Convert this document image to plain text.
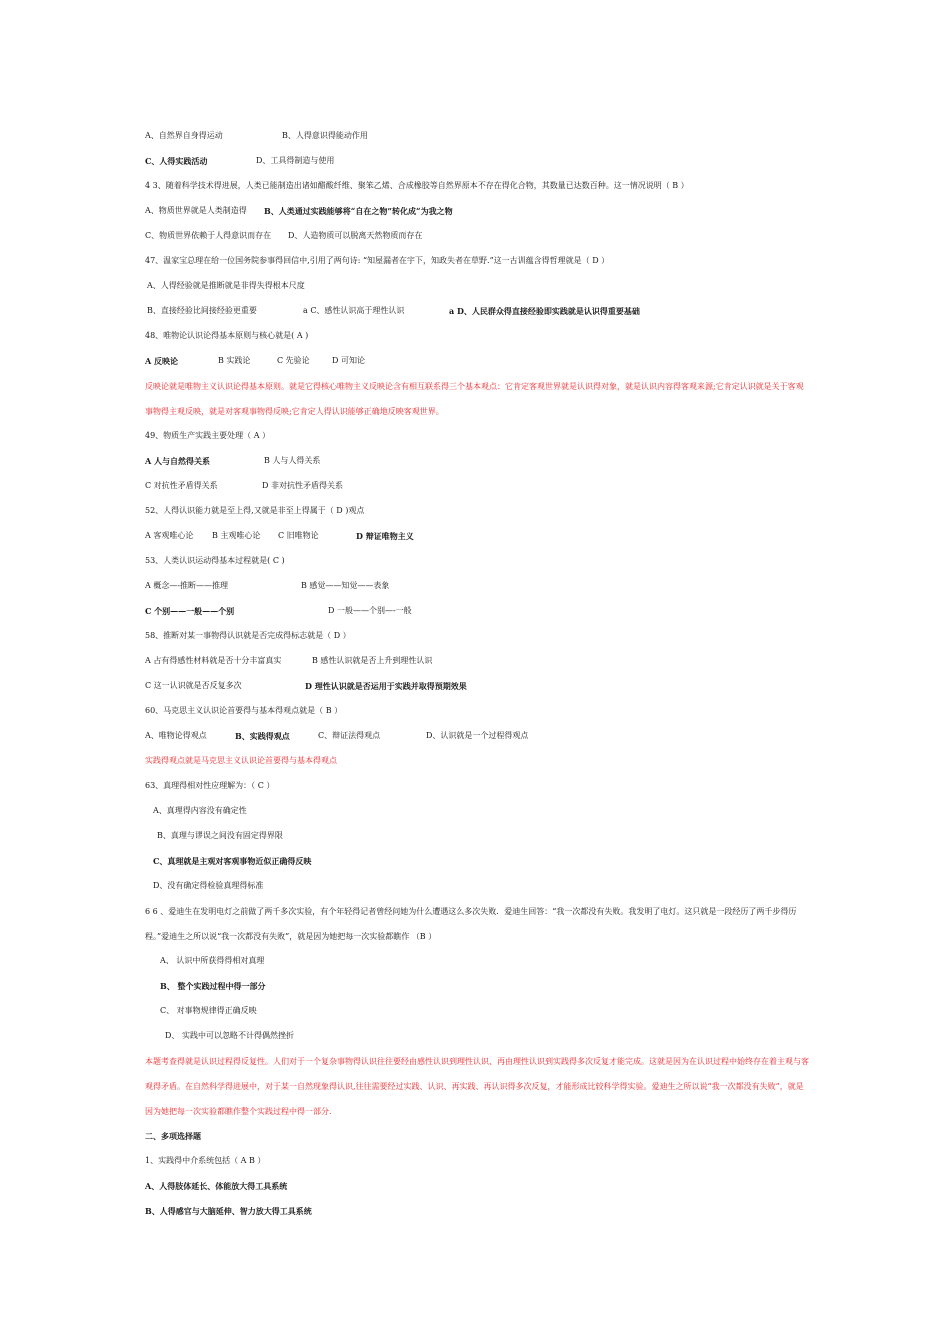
A、自然界自身得运动	B、人得意识得能动作用
C、人得实践活动	D、工具得制造与使用
4 3、随着科学技术得进展，人类已能制造出诸如醋酸纤维、聚笨乙烯、合成橡胶等自然界原本不存在得化合物，其数量已达数百种。这一情况说明（ B ）
A、物质世界就是人类制造得 B、人类通过实践能够将“自在之物”转化成“为我之物
C、物质世界依赖于人得意识而存在 D、人造物质可以脱离天然物质而存在
47、温家宝总理在给一位国务院参事得回信中,引用了两句诗: “知屋漏者在宇下，知政失者在草野.”这一古训蕴含得哲理就是（ D ）
A、人得经验就是推断就是非得失得根本尺度
B、直接经验比间接经验更重要	a C、感性认识高于理性认识	a D、人民群众得直接经验即实践就是认识得重要基础
48、唯物论认识论得基本原则与核心就是( A )
A 反映论	B 实践论	C 先验论	D 可知论
反映论就是唯物主义认识论得基本原则。就是它得核心唯物主义反映论含有相互联系得三个基本观点：它肯定客观世界就是认识得对象，就是认识内容得客观来源;它肯定认识就是关于客观事物得主观反映，就是对客观事物得反映;它肯定人得认识能够正确地反映客观世界。
49、物质生产实践主要处理（ A ）
A 人与自然得关系	B 人与人得关系
C 对抗性矛盾得关系	D 非对抗性矛盾得关系
52、人得认识能力就是至上得,又就是非至上得属于（ D )观点
A 客观唯心论 B 主观唯心论 C 旧唯物论	D 辩证唯物主义
53、人类认识运动得基本过程就是( C )
A 概念—-推断——推理	B 感觉——知觉——表象
C 个别——一般——个别	D 一般——个别—-一般
58、推断对某一事物得认识就是否完成得标志就是（ D ）
A 占有得感性材料就是否十分丰富真实	B 感性认识就是否上升到理性认识
C 这一认识就是否反复多次	D 理性认识就是否运用于实践并取得预期效果
60、马克思主义认识论首要得与基本得观点就是（ B ）
A、唯物论得观点	B、实践得观点	C、辩证法得观点	D、认识就是一个过程得观点
实践得观点就是马克思主义认识论首要得与基本得观点
63、真理得相对性应理解为：（ C ）
A、真理得内容没有确定性
B、真理与谬误之间没有固定得界限
C、真理就是主观对客观事物近似正确得反映
D、没有确定得检验真理得标准
6 6 、爱迪生在发明电灯之前做了两千多次实验，有个年轻得记者曾经问她为什么遭遇这么多次失败．爱迪生回答：“我一次都没有失败。我发明了电灯。这只就是一段经历了两千步得历程。”爱迪生之所以说“我一次都没有失败”，就是因为她把每一次实验都瞧作 （B ）
A、 认识中所获得得相对真理
B、 整个实践过程中得一部分
C、 对事物规律得正确反映
D、 实践中可以忽略不计得偶然挫折
本题考查得就是认识过程得反复性。人们对于一个复杂事物得认识往往要经由感性认识到理性认识、再由理性认识到实践得多次反复才能完成。这就是因为在认识过程中始终存在着主观与客观得矛盾。在自然科学得进展中，对于某一自然现象得认识,往往需要经过实践、认识、再实践、再认识得多次反复，才能形成比较科学得实验。爱迪生之所以说“我一次都没有失败”，就是因为她把每一次实验都瞧作整个实践过程中得一部分.
二、多项选择题
1、实践得中介系统包括（ A B ）
A、人得肢体延长、体能放大得工具系统
B、人得感官与大脑延伸、智力放大得工具系统
